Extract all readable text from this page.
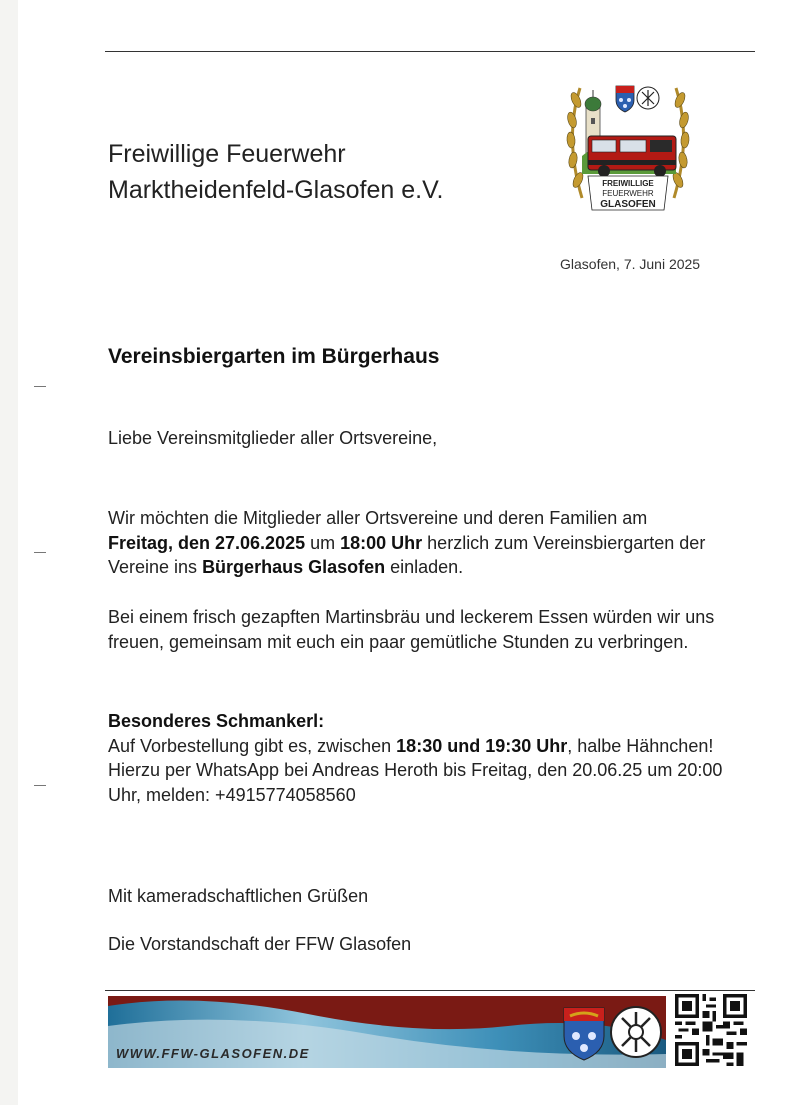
Freiwillige Feuerwehr
Marktheidenfeld-Glasofen e.V.	FREIWILLIGE
FEUERWEHR
GLASOFEN
Glasofen, 7. Juni 2025
Vereinsbiergarten im Bürgerhaus

Liebe Vereinsmitglieder aller Ortsvereine,

Wir möchten die Mitglieder aller Ortsvereine und deren Familien am
Freitag, den 27.06.2025 um 18:00 Uhr herzlich zum Vereinsbiergarten der Vereine ins Bürgerhaus Glasofen einladen.

Bei einem frisch gezapften Martinsbräu und leckerem Essen würden wir uns freuen, gemeinsam mit euch ein paar gemütliche Stunden zu verbringen.

Besonderes Schmankerl:
Auf Vorbestellung gibt es, zwischen 18:30 und 19:30 Uhr, halbe Hähnchen!
Hierzu per WhatsApp bei Andreas Heroth bis Freitag, den 20.06.25 um 20:00 Uhr, melden: +4915774058560

Mit kameradschaftlichen Grüßen

Die Vorstandschaft der FFW Glasofen

WWW.FFW-GLASOFEN.DE
